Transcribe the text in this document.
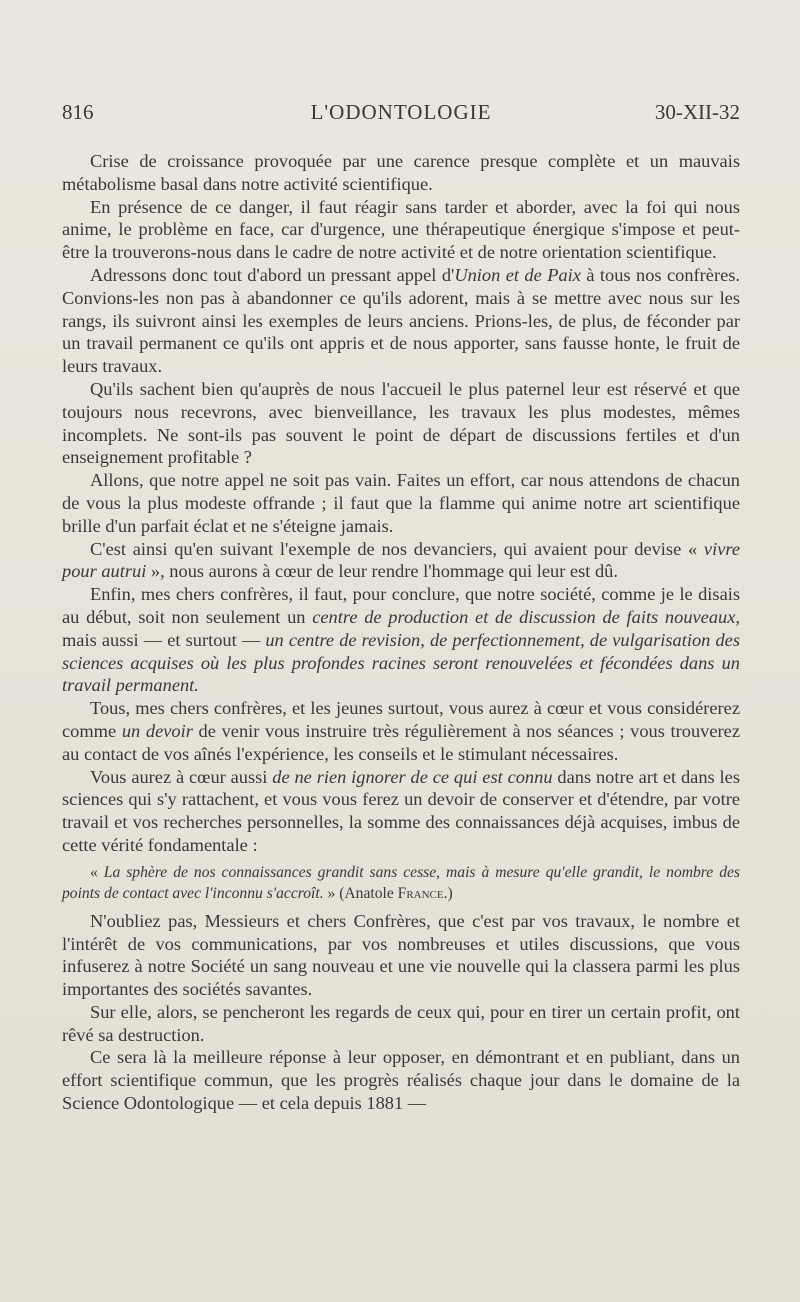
816	L'ODONTOLOGIE	30-XII-32

Crise de croissance provoquée par une carence presque complète et un mauvais métabolisme basal dans notre activité scientifique.

En présence de ce danger, il faut réagir sans tarder et aborder, avec la foi qui nous anime, le problème en face, car d'urgence, une thérapeutique énergique s'impose et peut-être la trouverons-nous dans le cadre de notre activité et de notre orientation scientifique.

Adressons donc tout d'abord un pressant appel d'Union et de Paix à tous nos confrères. Convions-les non pas à abandonner ce qu'ils adorent, mais à se mettre avec nous sur les rangs, ils suivront ainsi les exemples de leurs anciens. Prions-les, de plus, de féconder par un travail permanent ce qu'ils ont appris et de nous apporter, sans fausse honte, le fruit de leurs travaux.

Qu'ils sachent bien qu'auprès de nous l'accueil le plus paternel leur est réservé et que toujours nous recevrons, avec bienveillance, les travaux les plus modestes, mêmes incomplets. Ne sont-ils pas souvent le point de départ de discussions fertiles et d'un enseignement profitable ?

Allons, que notre appel ne soit pas vain. Faites un effort, car nous attendons de chacun de vous la plus modeste offrande ; il faut que la flamme qui anime notre art scientifique brille d'un parfait éclat et ne s'éteigne jamais.

C'est ainsi qu'en suivant l'exemple de nos devanciers, qui avaient pour devise « vivre pour autrui », nous aurons à cœur de leur rendre l'hommage qui leur est dû.

Enfin, mes chers confrères, il faut, pour conclure, que notre société, comme je le disais au début, soit non seulement un centre de production et de discussion de faits nouveaux, mais aussi — et surtout — un centre de revision, de perfectionnement, de vulgarisation des sciences acquises où les plus profondes racines seront renouvelées et fécondées dans un travail permanent.

Tous, mes chers confrères, et les jeunes surtout, vous aurez à cœur et vous considérerez comme un devoir de venir vous instruire très régulièrement à nos séances ; vous trouverez au contact de vos aînés l'expérience, les conseils et le stimulant nécessaires.

Vous aurez à cœur aussi de ne rien ignorer de ce qui est connu dans notre art et dans les sciences qui s'y rattachent, et vous vous ferez un devoir de conserver et d'étendre, par votre travail et vos recherches personnelles, la somme des connaissances déjà acquises, imbus de cette vérité fondamentale :

« La sphère de nos connaissances grandit sans cesse, mais à mesure qu'elle grandit, le nombre des points de contact avec l'inconnu s'accroît. » (Anatole France.)

N'oubliez pas, Messieurs et chers Confrères, que c'est par vos travaux, le nombre et l'intérêt de vos communications, par vos nombreuses et utiles discussions, que vous infuserez à notre Société un sang nouveau et une vie nouvelle qui la classera parmi les plus importantes des sociétés savantes.

Sur elle, alors, se pencheront les regards de ceux qui, pour en tirer un certain profit, ont rêvé sa destruction.

Ce sera là la meilleure réponse à leur opposer, en démontrant et en publiant, dans un effort scientifique commun, que les progrès réalisés chaque jour dans le domaine de la Science Odontologique — et cela depuis 1881 —
